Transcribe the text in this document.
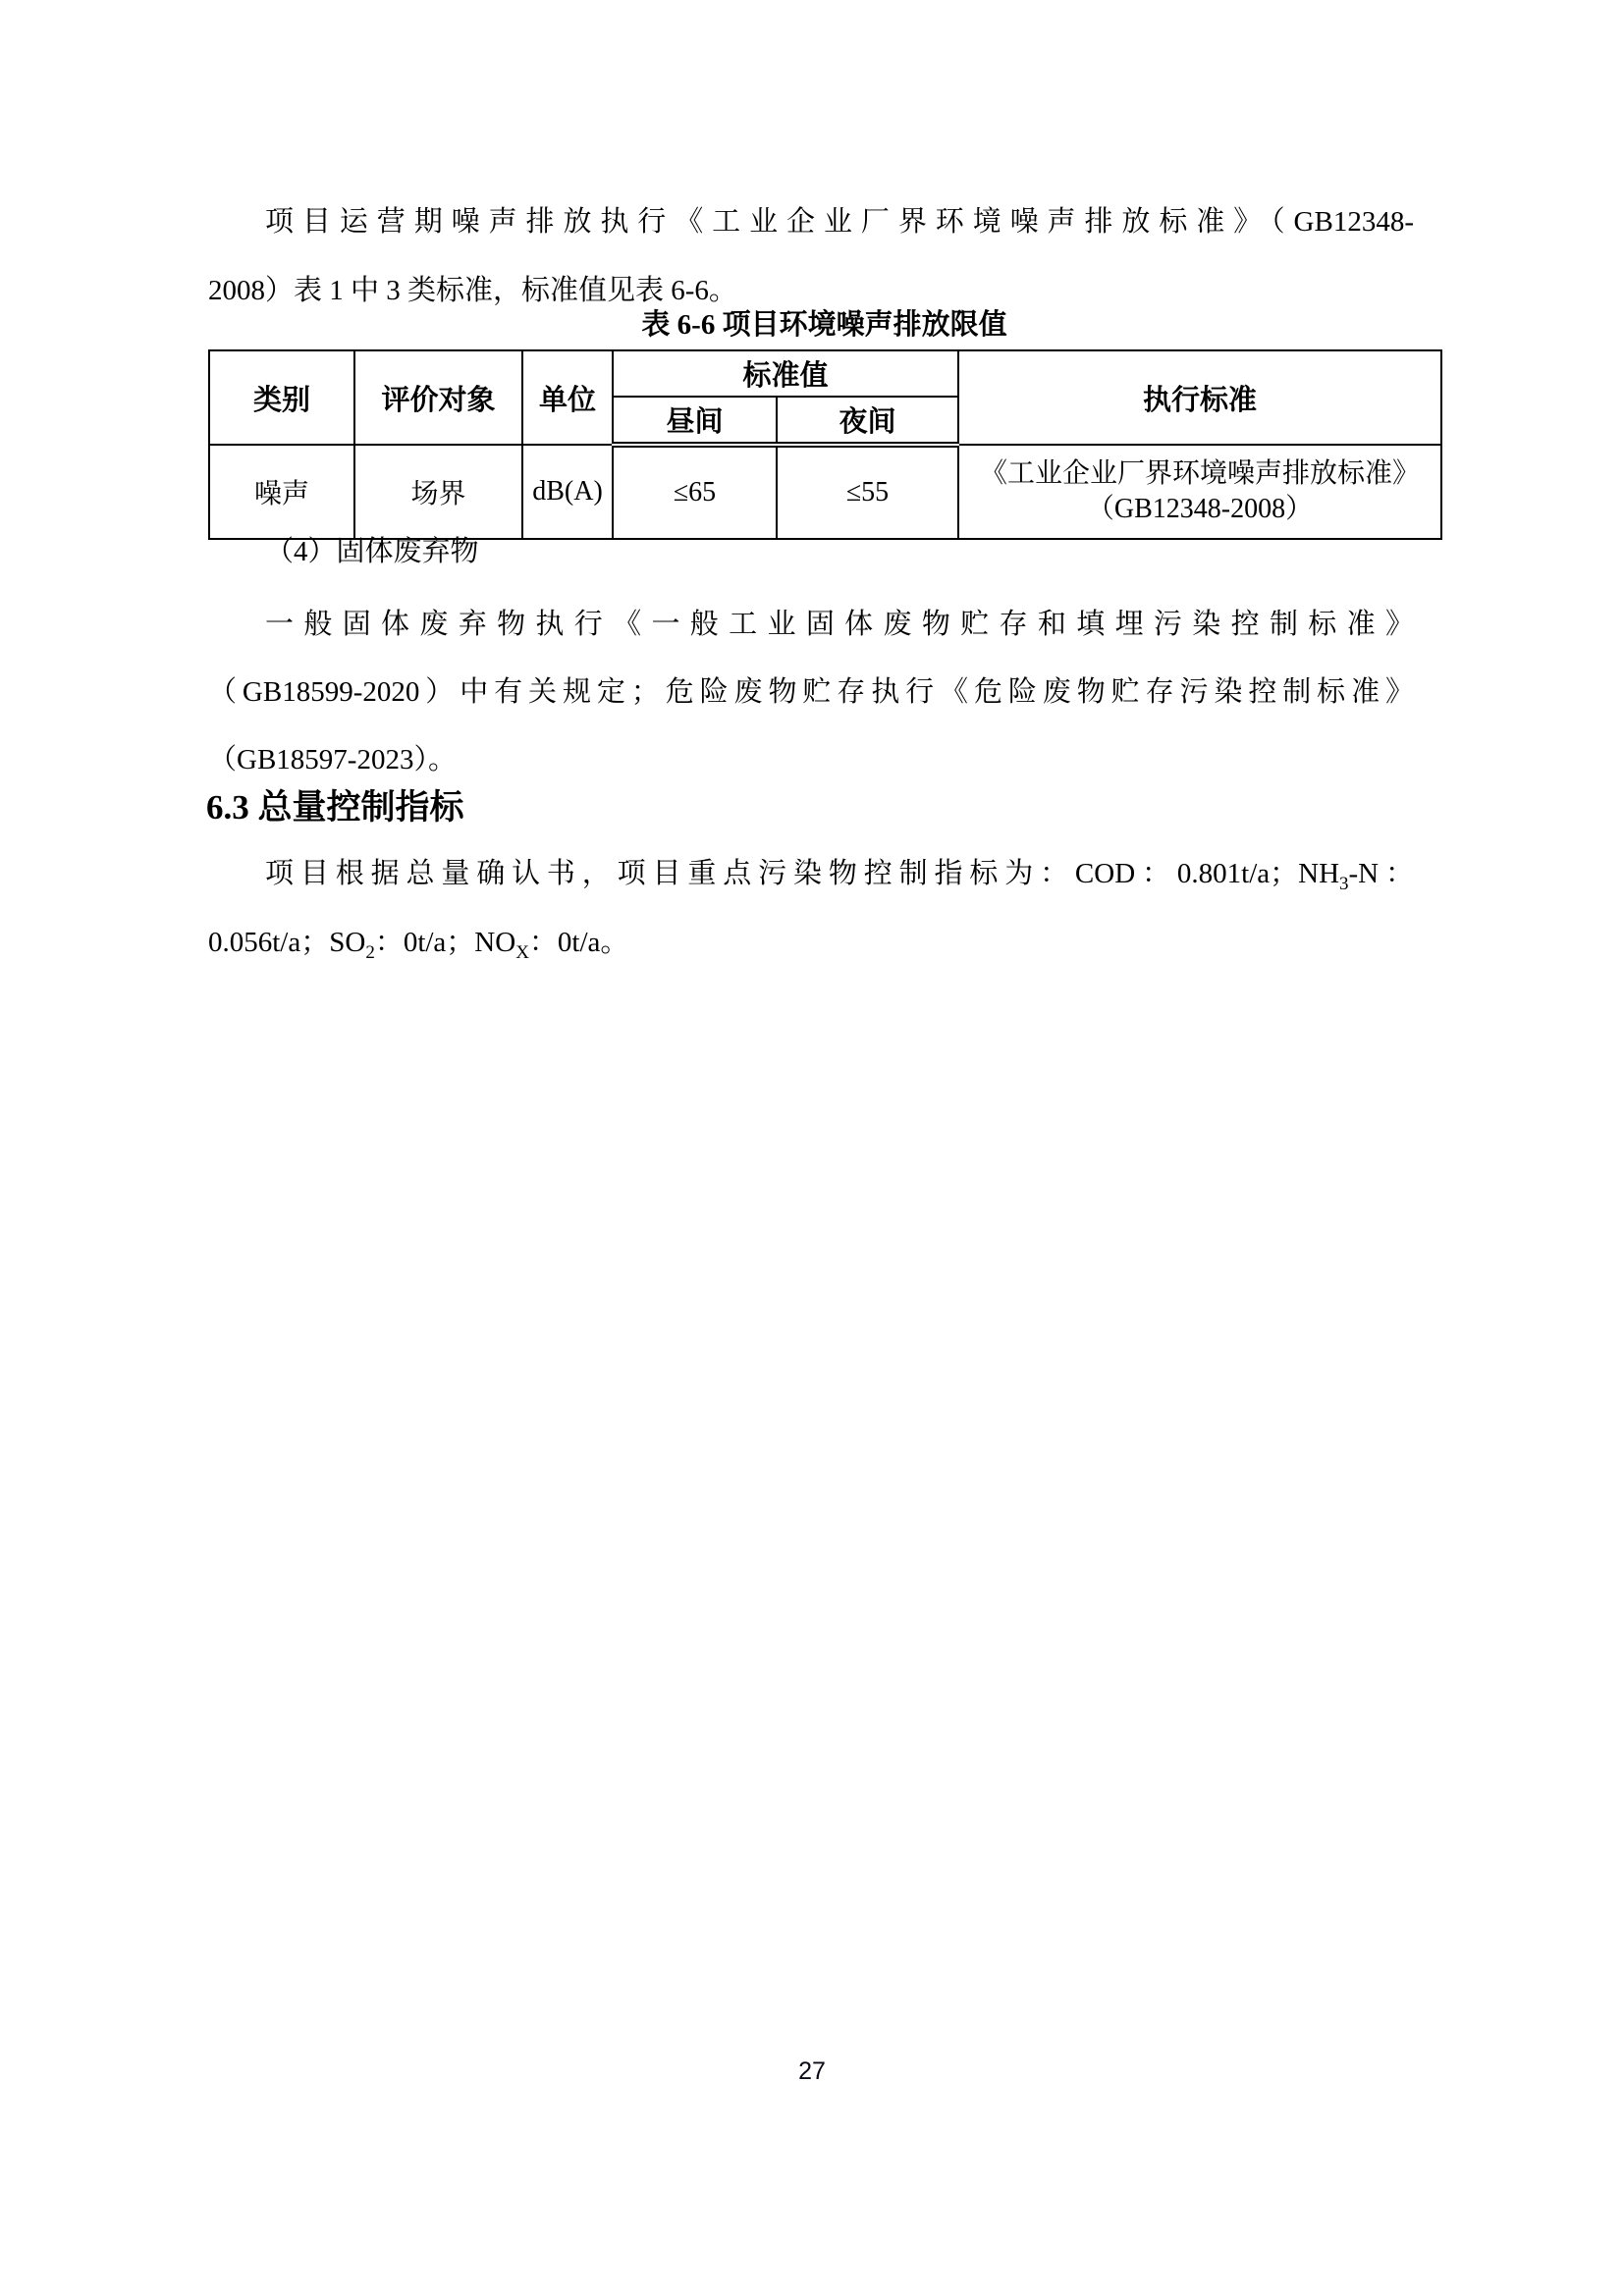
项目运营期噪声排放执行《工业企业厂界环境噪声排放标准》（GB12348-
2008）表 1 中 3 类标准，标准值见表 6-6。
表 6-6 项目环境噪声排放限值
类别	评价对象	单位	标准值		执行标准
			昼间	夜间	
噪声	场界	dB(A)	≤65	≤55	《工业企业厂界环境噪声排放标准》
（GB12348-2008）
（4）固体废弃物
一般固体废弃物执行《一般工业固体废物贮存和填埋污染控制标准》
（GB18599-2020）中有关规定；危险废物贮存执行《危险废物贮存污染控制标准》
（GB18597-2023）。
6.3 总量控制指标
项目根据总量确认书，项目重点污染物控制指标为：COD：0.801t/a；$NH_3-N$：
0.056t/a；$SO_2$：0t/a；$NO_X$：0t/a。
27
